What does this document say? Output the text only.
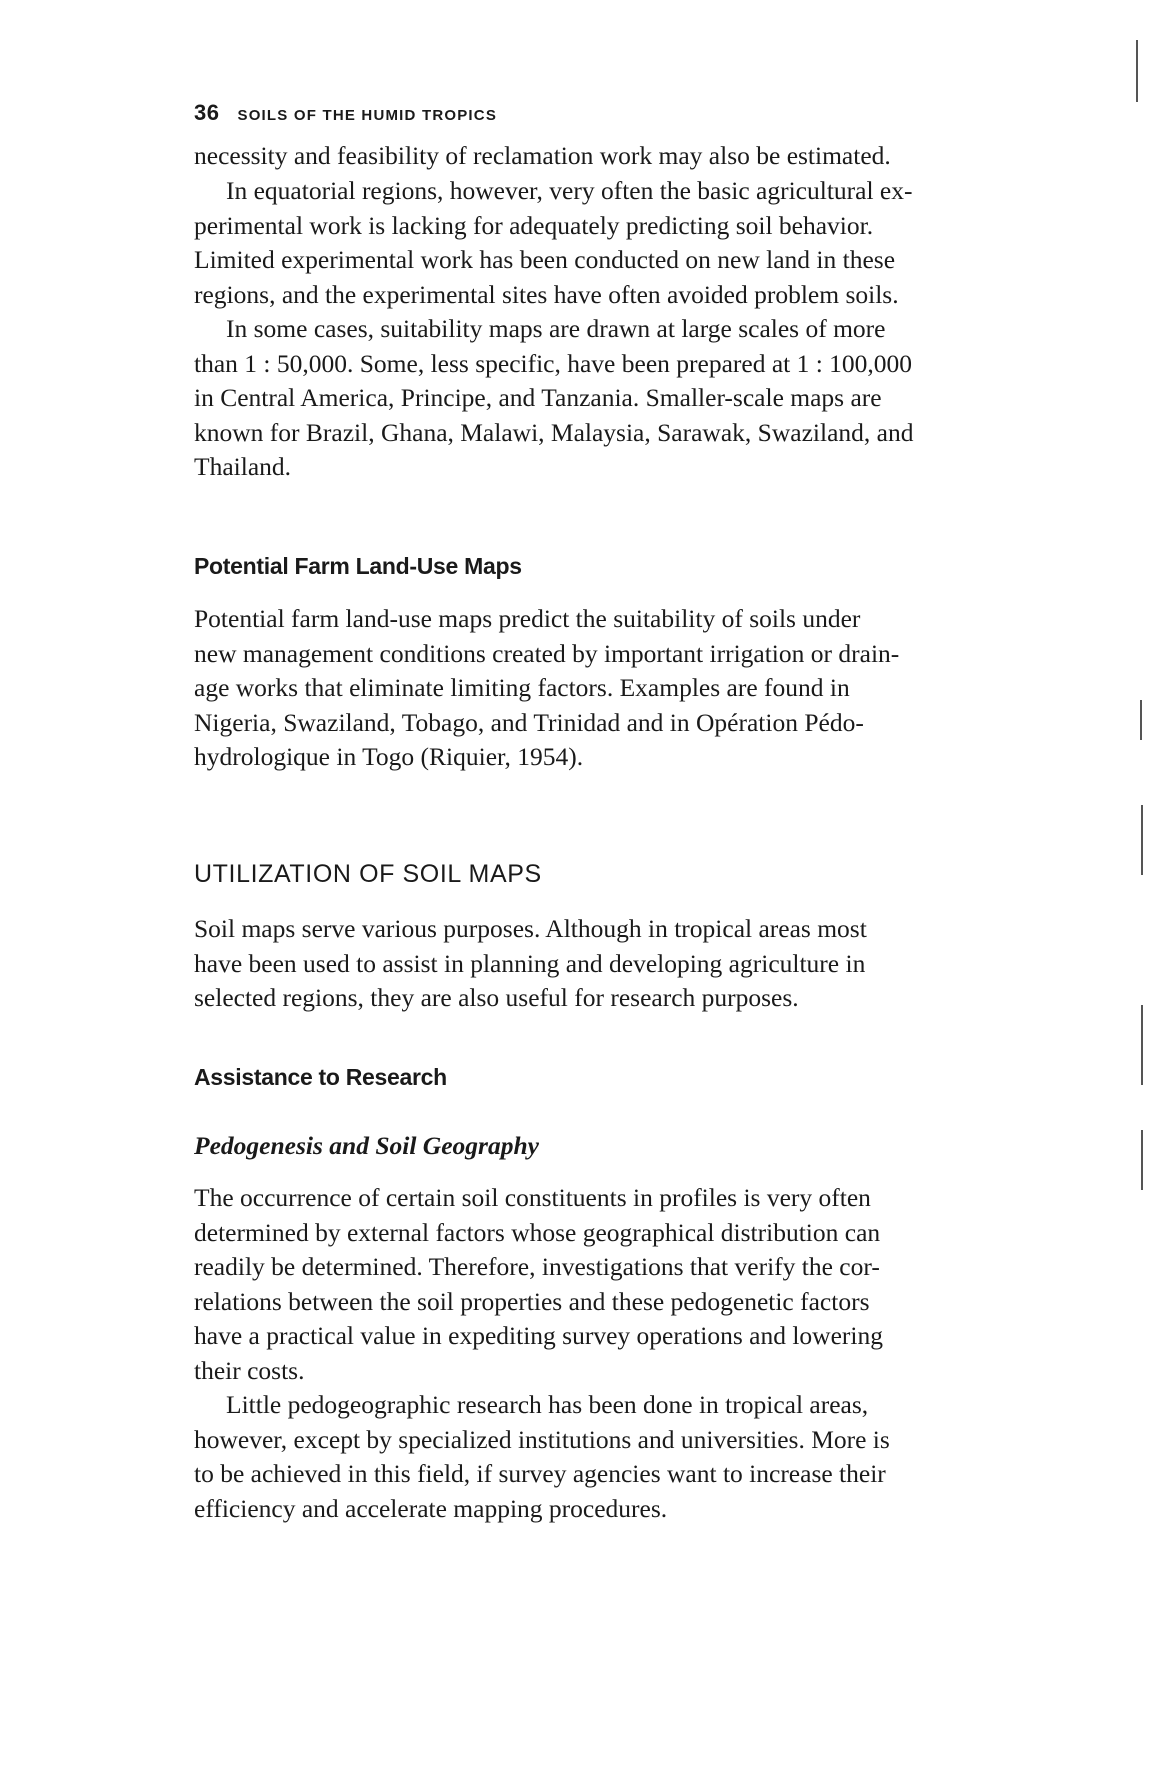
36 SOILS OF THE HUMID TROPICS
necessity and feasibility of reclamation work may also be estimated.
In equatorial regions, however, very often the basic agricultural ex-
perimental work is lacking for adequately predicting soil behavior.
Limited experimental work has been conducted on new land in these
regions, and the experimental sites have often avoided problem soils.
In some cases, suitability maps are drawn at large scales of more
than 1 : 50,000. Some, less specific, have been prepared at 1 : 100,000
in Central America, Principe, and Tanzania. Smaller-scale maps are
known for Brazil, Ghana, Malawi, Malaysia, Sarawak, Swaziland, and
Thailand.
Potential Farm Land-Use Maps
Potential farm land-use maps predict the suitability of soils under
new management conditions created by important irrigation or drain-
age works that eliminate limiting factors. Examples are found in
Nigeria, Swaziland, Tobago, and Trinidad and in Opération Pédo-
hydrologique in Togo (Riquier, 1954).
UTILIZATION OF SOIL MAPS
Soil maps serve various purposes. Although in tropical areas most
have been used to assist in planning and developing agriculture in
selected regions, they are also useful for research purposes.
Assistance to Research
Pedogenesis and Soil Geography
The occurrence of certain soil constituents in profiles is very often
determined by external factors whose geographical distribution can
readily be determined. Therefore, investigations that verify the cor-
relations between the soil properties and these pedogenetic factors
have a practical value in expediting survey operations and lowering
their costs.
Little pedogeographic research has been done in tropical areas,
however, except by specialized institutions and universities. More is
to be achieved in this field, if survey agencies want to increase their
efficiency and accelerate mapping procedures.
